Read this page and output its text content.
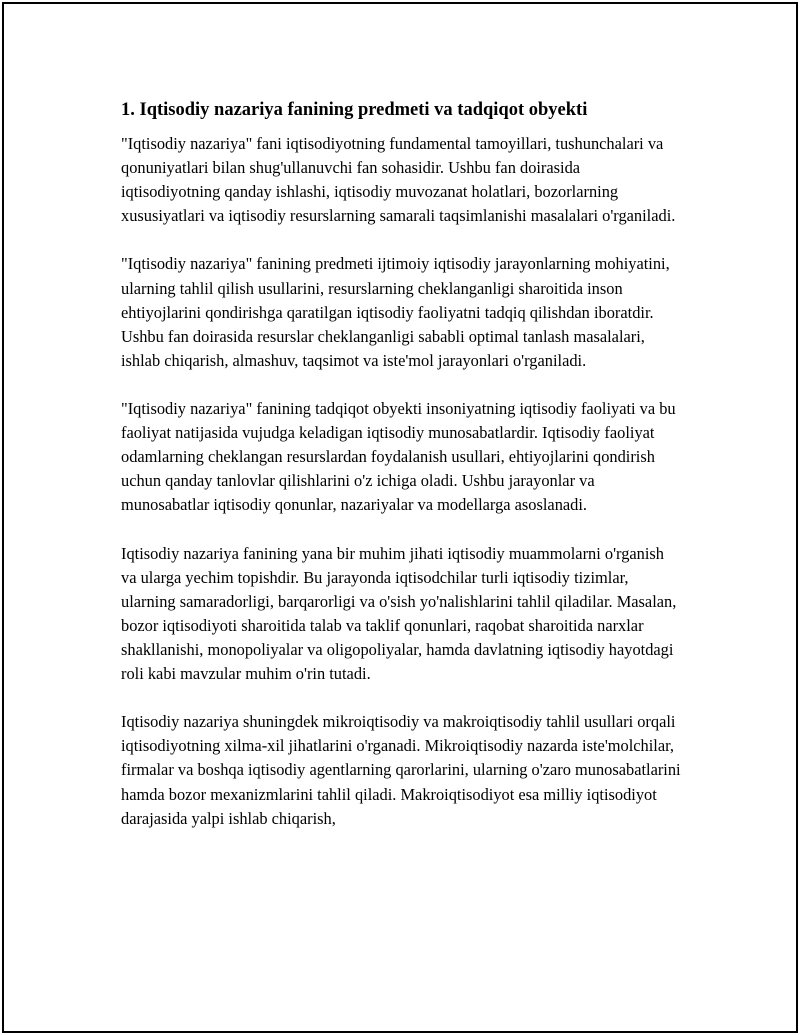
1. Iqtisodiy nazariya fanining predmeti va tadqiqot obyekti

"Iqtisodiy nazariya" fani iqtisodiyotning fundamental tamoyillari, tushunchalari va qonuniyatlari bilan shug'ullanuvchi fan sohasidir. Ushbu fan doirasida iqtisodiyotning qanday ishlashi, iqtisodiy muvozanat holatlari, bozorlarning xususiyatlari va iqtisodiy resurslarning samarali taqsimlanishi masalalari o'rganiladi.

"Iqtisodiy nazariya" fanining predmeti ijtimoiy iqtisodiy jarayonlarning mohiyatini, ularning tahlil qilish usullarini, resurslarning cheklanganligi sharoitida inson ehtiyojlarini qondirishga qaratilgan iqtisodiy faoliyatni tadqiq qilishdan iboratdir. Ushbu fan doirasida resurslar cheklanganligi sababli optimal tanlash masalalari, ishlab chiqarish, almashuv, taqsimot va iste'mol jarayonlari o'rganiladi.

"Iqtisodiy nazariya" fanining tadqiqot obyekti insoniyatning iqtisodiy faoliyati va bu faoliyat natijasida vujudga keladigan iqtisodiy munosabatlardir. Iqtisodiy faoliyat odamlarning cheklangan resurslardan foydalanish usullari, ehtiyojlarini qondirish uchun qanday tanlovlar qilishlarini o'z ichiga oladi. Ushbu jarayonlar va munosabatlar iqtisodiy qonunlar, nazariyalar va modellarga asoslanadi.

Iqtisodiy nazariya fanining yana bir muhim jihati iqtisodiy muammolarni o'rganish va ularga yechim topishdir. Bu jarayonda iqtisodchilar turli iqtisodiy tizimlar, ularning samaradorligi, barqarorligi va o'sish yo'nalishlarini tahlil qiladilar. Masalan, bozor iqtisodiyoti sharoitida talab va taklif qonunlari, raqobat sharoitida narxlar shakllanishi, monopoliyalar va oligopoliyalar, hamda davlatning iqtisodiy hayotdagi roli kabi mavzular muhim o'rin tutadi.

Iqtisodiy nazariya shuningdek mikroiqtisodiy va makroiqtisodiy tahlil usullari orqali iqtisodiyotning xilma-xil jihatlarini o'rganadi. Mikroiqtisodiy nazarda iste'molchilar, firmalar va boshqa iqtisodiy agentlarning qarorlarini, ularning o'zaro munosabatlarini hamda bozor mexanizmlarini tahlil qiladi. Makroiqtisodiyot esa milliy iqtisodiyot darajasida yalpi ishlab chiqarish,
